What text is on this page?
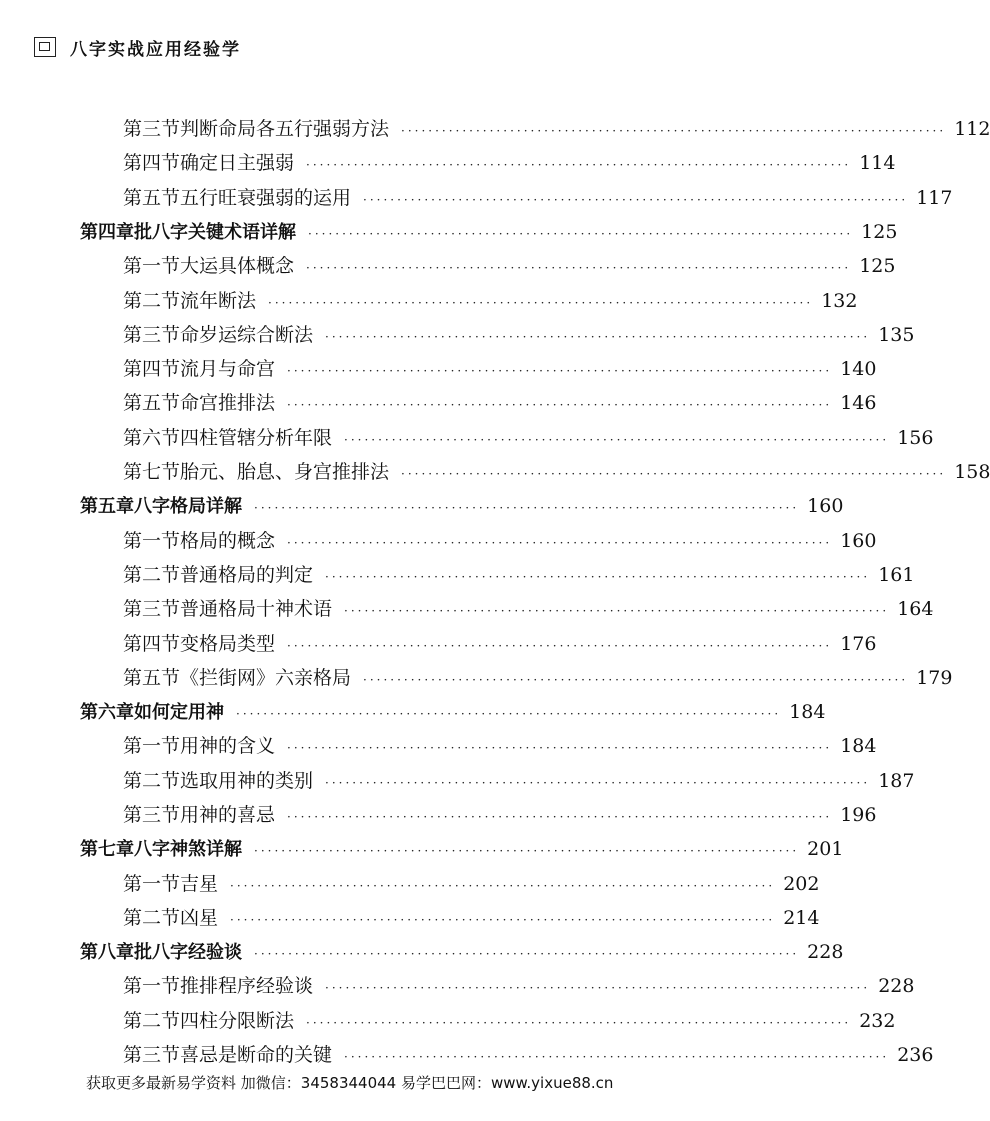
八字实战应用经验学
第三节 判断命局各五行强弱方法 ················································································ 112
第四节 确定日主强弱 ················································································ 114
第五节 五行旺衰强弱的运用 ················································································ 117
第四章 批八字关键术语详解 ················································································ 125
第一节 大运具体概念 ················································································ 125
第二节 流年断法 ················································································ 132
第三节 命岁运综合断法 ················································································ 135
第四节 流月与命宫 ················································································ 140
第五节 命宫推排法 ················································································ 146
第六节 四柱管辖分析年限 ················································································ 156
第七节 胎元、胎息、身宫推排法 ················································································ 158
第五章 八字格局详解 ················································································ 160
第一节 格局的概念 ················································································ 160
第二节 普通格局的判定 ················································································ 161
第三节 普通格局十神术语 ················································································ 164
第四节 变格局类型 ················································································ 176
第五节 《拦街网》六亲格局 ················································································ 179
第六章 如何定用神 ················································································ 184
第一节 用神的含义 ················································································ 184
第二节 选取用神的类别 ················································································ 187
第三节 用神的喜忌 ················································································ 196
第七章 八字神煞详解 ················································································ 201
第一节 吉星 ················································································ 202
第二节 凶星 ················································································ 214
第八章 批八字经验谈 ················································································ 228
第一节 推排程序经验谈 ················································································ 228
第二节 四柱分限断法 ················································································ 232
第三节 喜忌是断命的关键 ················································································ 236
获取更多最新易学资料 加微信：3458344044 易学巴巴网：www.yixue88.cn
